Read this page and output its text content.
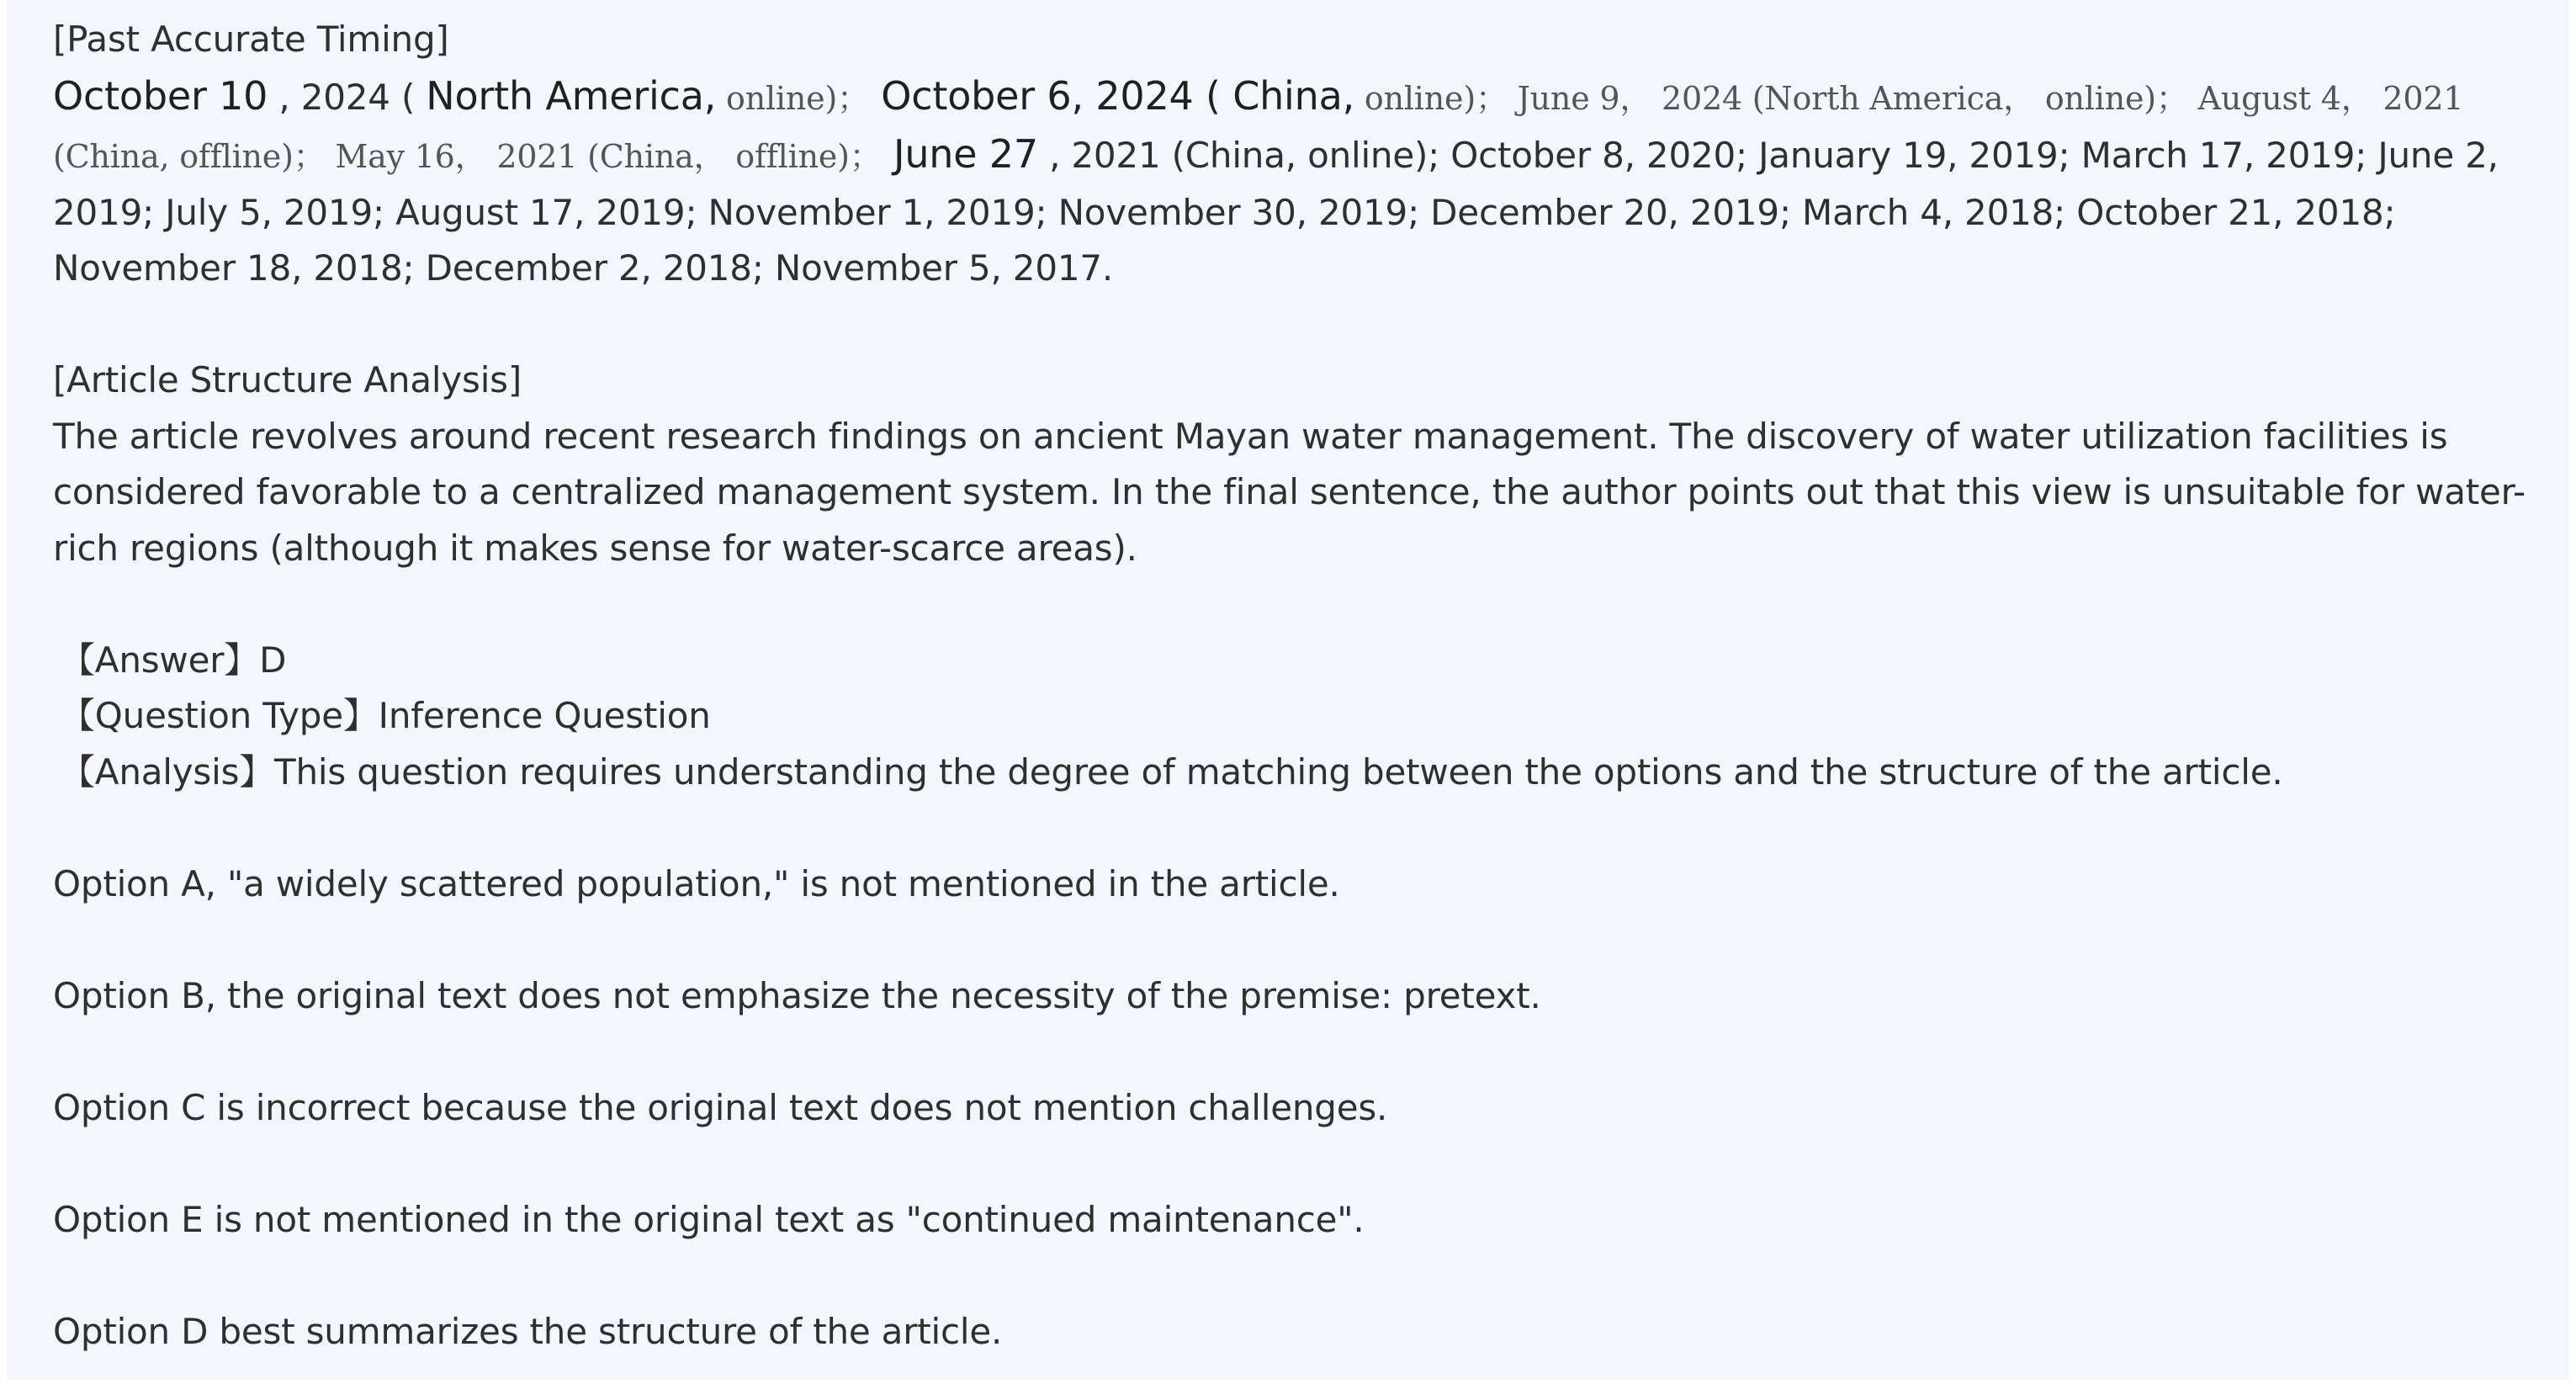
[Past Accurate Timing]

October 10 , 2024 ( North America, online)； October 6, 2024 ( China, online)； June 9， 2024 (North America， online)； August 4， 2021 (China, offline)； May 16， 2021 (China， offline)； June 27 , 2021 (China, online); October 8, 2020; January 19, 2019; March 17, 2019; June 2, 2019; July 5, 2019; August 17, 2019; November 1, 2019; November 30, 2019; December 20, 2019; March 4, 2018; October 21, 2018; November 18, 2018; December 2, 2018; November 5, 2017.

[Article Structure Analysis]

The article revolves around recent research findings on ancient Mayan water management. The discovery of water utilization facilities is considered favorable to a centralized management system. In the final sentence, the author points out that this view is unsuitable for water-rich regions (although it makes sense for water-scarce areas).

【Answer】D

【Question Type】Inference Question

【Analysis】This question requires understanding the degree of matching between the options and the structure of the article.

Option A, "a widely scattered population," is not mentioned in the article.

Option B, the original text does not emphasize the necessity of the premise: pretext.

Option C is incorrect because the original text does not mention challenges.

Option E is not mentioned in the original text as "continued maintenance".

Option D best summarizes the structure of the article.
